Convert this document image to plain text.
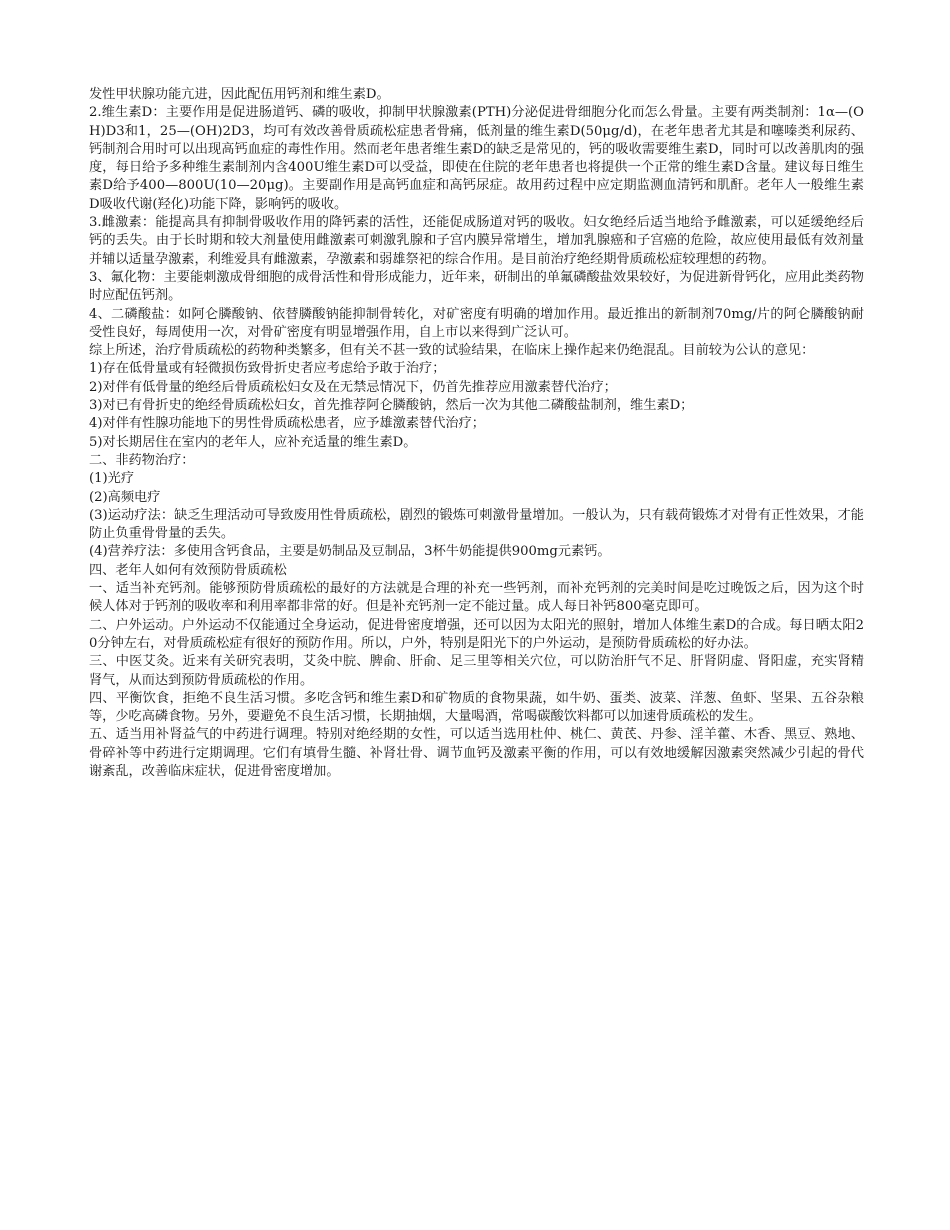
发性甲状腺功能亢进，因此配伍用钙剂和维生素D。

2.维生素D：主要作用是促进肠道钙、磷的吸收，抑制甲状腺激素(PTH)分泌促进骨细胞分化而怎么骨量。主要有两类制剂：1α—(OH)D3和1，25—(OH)2D3，均可有效改善骨质疏松症患者骨痛，低剂量的维生素D(50μg/d)，在老年患者尤其是和噻嗪类利尿药、钙制剂合用时可以出现高钙血症的毒性作用。然而老年患者维生素D的缺乏是常见的，钙的吸收需要维生素D，同时可以改善肌肉的强度，每日给予多种维生素制剂内含400U维生素D可以受益，即使在住院的老年患者也将提供一个正常的维生素D含量。建议每日维生素D给予400—800U(10—20μg)。主要副作用是高钙血症和高钙尿症。故用药过程中应定期监测血清钙和肌酐。老年人一般维生素D吸收代谢(羟化)功能下降，影响钙的吸收。

3.雌激素：能提高具有抑制骨吸收作用的降钙素的活性，还能促成肠道对钙的吸收。妇女绝经后适当地给予雌激素，可以延缓绝经后钙的丢失。由于长时期和较大剂量使用雌激素可刺激乳腺和子宫内膜异常增生，增加乳腺癌和子宫癌的危险，故应使用最低有效剂量并辅以适量孕激素，利维爱具有雌激素，孕激素和弱雄祭祀的综合作用。是目前治疗绝经期骨质疏松症较理想的药物。

3、氟化物：主要能刺激成骨细胞的成骨活性和骨形成能力，近年来，研制出的单氟磷酸盐效果较好，为促进新骨钙化，应用此类药物时应配伍钙剂。

4、二磷酸盐：如阿仑膦酸钠、依替膦酸钠能抑制骨转化，对矿密度有明确的增加作用。最近推出的新制剂70mg/片的阿仑膦酸钠耐受性良好，每周使用一次，对骨矿密度有明显增强作用，自上市以来得到广泛认可。

综上所述，治疗骨质疏松的药物种类繁多，但有关不甚一致的试验结果，在临床上操作起来仍绝混乱。目前较为公认的意见：

1)存在低骨量或有轻微损伤致骨折史者应考虑给予敢于治疗；

2)对伴有低骨量的绝经后骨质疏松妇女及在无禁忌情况下，仍首先推荐应用激素替代治疗；

3)对已有骨折史的绝经骨质疏松妇女，首先推荐阿仑膦酸钠，然后一次为其他二磷酸盐制剂，维生素D；

4)对伴有性腺功能地下的男性骨质疏松患者，应予雄激素替代治疗；

5)对长期居住在室内的老年人，应补充适量的维生素D。

二、非药物治疗：

(1)光疗

(2)高频电疗

(3)运动疗法：缺乏生理活动可导致废用性骨质疏松，剧烈的锻炼可刺激骨量增加。一般认为，只有载荷锻炼才对骨有正性效果，才能防止负重骨骨量的丢失。

(4)营养疗法：多使用含钙食品，主要是奶制品及豆制品，3杯牛奶能提供900mg元素钙。

四、老年人如何有效预防骨质疏松

一、适当补充钙剂。能够预防骨质疏松的最好的方法就是合理的补充一些钙剂，而补充钙剂的完美时间是吃过晚饭之后，因为这个时候人体对于钙剂的吸收率和利用率都非常的好。但是补充钙剂一定不能过量。成人每日补钙800毫克即可。

二、户外运动。户外运动不仅能通过全身运动，促进骨密度增强，还可以因为太阳光的照射，增加人体维生素D的合成。每日晒太阳20分钟左右，对骨质疏松症有很好的预防作用。所以，户外，特别是阳光下的户外运动，是预防骨质疏松的好办法。

三、中医艾灸。近来有关研究表明，艾灸中脘、脾俞、肝俞、足三里等相关穴位，可以防治肝气不足、肝肾阴虚、肾阳虚，充实肾精肾气，从而达到预防骨质疏松的作用。

四、平衡饮食，拒绝不良生活习惯。多吃含钙和维生素D和矿物质的食物果蔬，如牛奶、蛋类、波菜、洋葱、鱼虾、坚果、五谷杂粮等，少吃高磷食物。另外，要避免不良生活习惯，长期抽烟，大量喝酒，常喝碳酸饮料都可以加速骨质疏松的发生。

五、适当用补肾益气的中药进行调理。特别对绝经期的女性，可以适当选用杜仲、桃仁、黄芪、丹参、淫羊藿、木香、黑豆、熟地、骨碎补等中药进行定期调理。它们有填骨生髓、补肾壮骨、调节血钙及激素平衡的作用，可以有效地缓解因激素突然减少引起的骨代谢紊乱，改善临床症状，促进骨密度增加。
